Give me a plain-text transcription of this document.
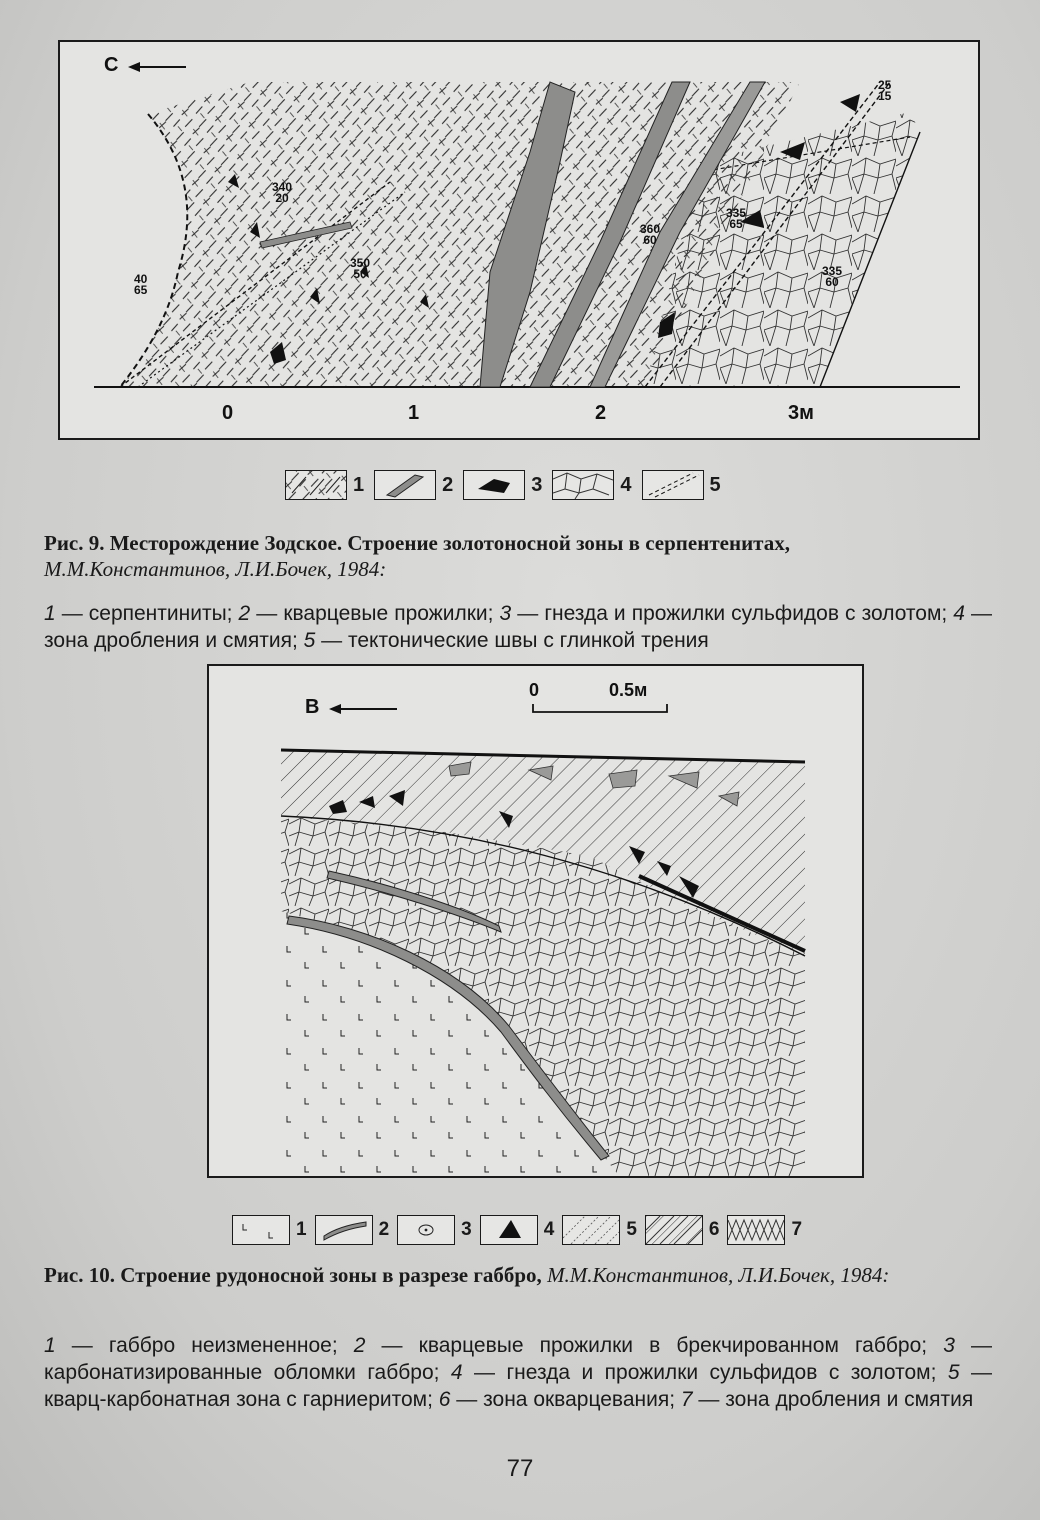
С
0	1	2	3м
40
65
340
20
350
50
360
60
335
65
335
60
25
15
1	2	3	4	5
Рис. 9. Месторождение Зодское. Строение золотоносной зоны в серпентенитах,
М.М.Константинов, Л.И.Бочек, 1984:
1 — серпентиниты; 2 — кварцевые прожилки; 3 — гнезда и прожилки сульфидов с золотом; 4 — зона дробления и смятия; 5 — тектонические швы с глинкой трения
В
0	0.5м
1	2	3	4	5	6	7
Рис. 10. Строение рудоносной зоны в разрезе габбро, М.М.Константинов, Л.И.Бочек, 1984:
1 — габбро неизмененное; 2 — кварцевые прожилки в брекчированном габбро; 3 — карбонатизированные обломки габбро; 4 — гнезда и прожилки сульфидов с золотом; 5 — кварц-карбонатная зона с гарниеритом; 6 — зона окварцевания; 7 — зона дробления и смятия
77
